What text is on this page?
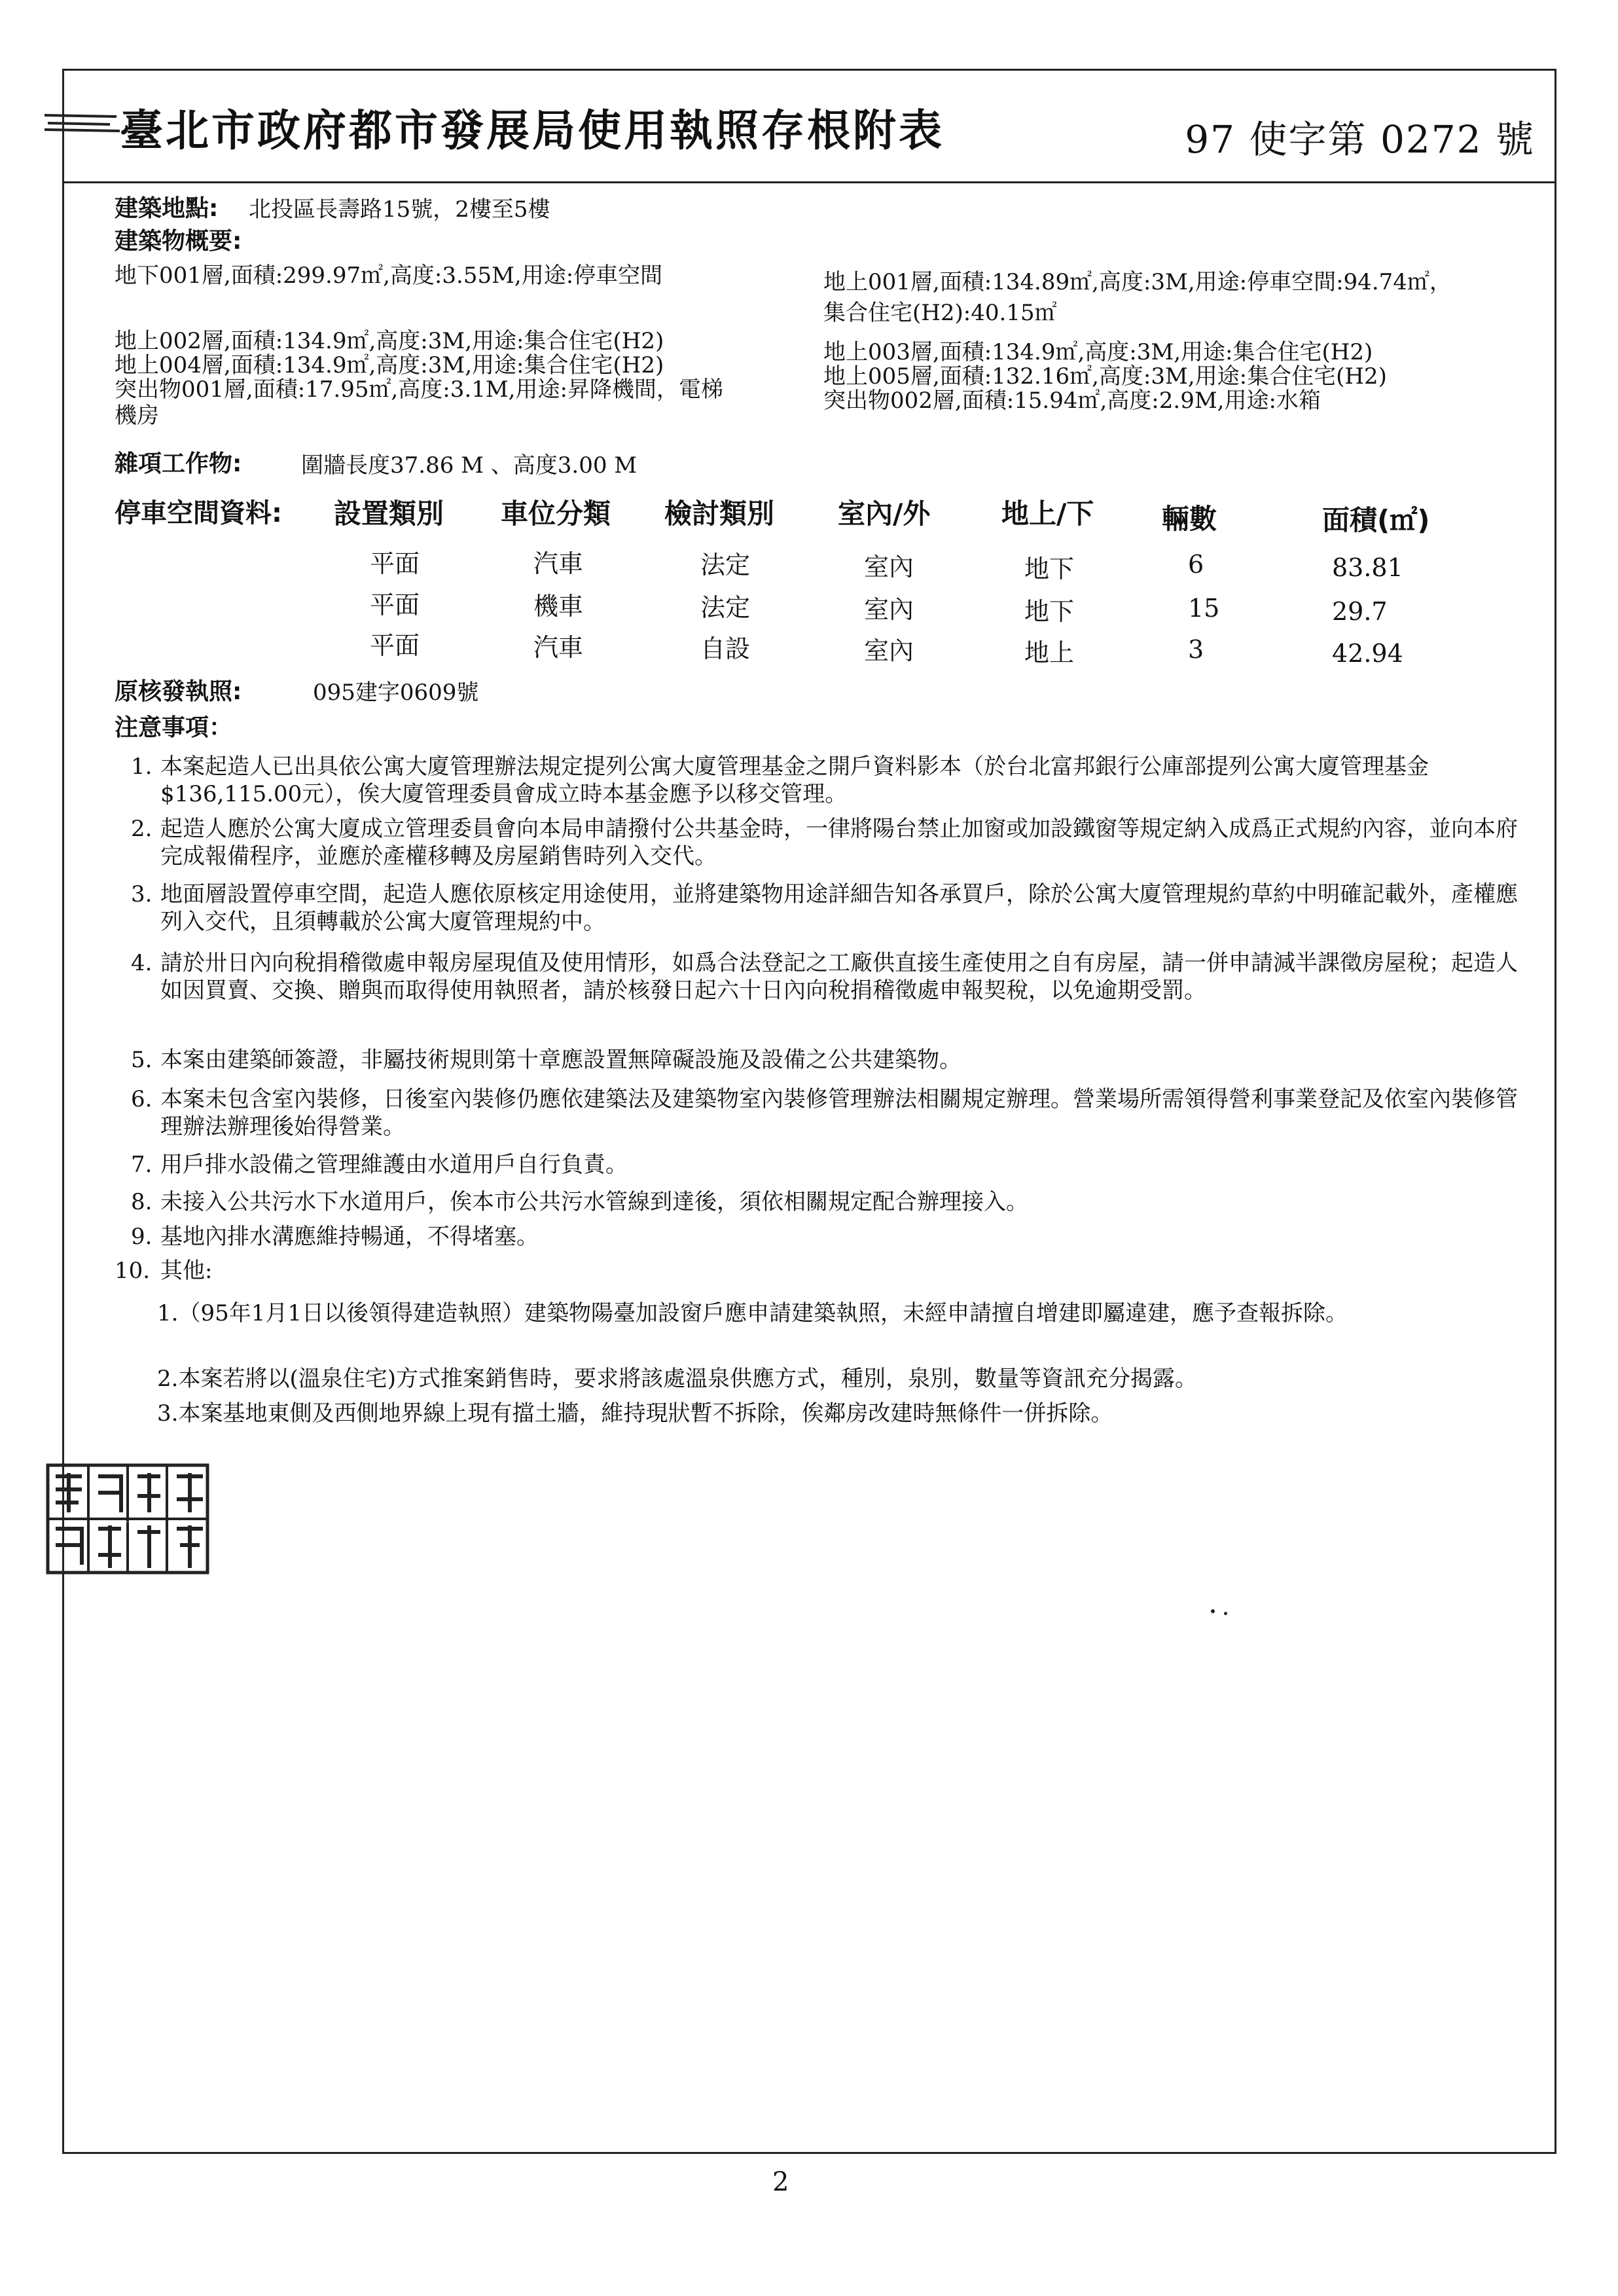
臺北市政府都市發展局使用執照存根附表	97 使字第 0272 號
建築地點: 北投區長壽路15號，2樓至5樓
建築物概要:
地下001層,面積:299.97㎡,高度:3.55M,用途:停車空間
地上002層,面積:134.9㎡,高度:3M,用途:集合住宅(H2)
地上004層,面積:134.9㎡,高度:3M,用途:集合住宅(H2)
突出物001層,面積:17.95㎡,高度:3.1M,用途:昇降機間，電梯
機房
地上001層,面積:134.89㎡,高度:3M,用途:停車空間:94.74㎡，
集合住宅(H2):40.15㎡
地上003層,面積:134.9㎡,高度:3M,用途:集合住宅(H2)
地上005層,面積:132.16㎡,高度:3M,用途:集合住宅(H2)
突出物002層,面積:15.94㎡,高度:2.9M,用途:水箱
雜項工作物:	圍牆長度37.86 M 、高度3.00 M
停車空間資料: 設置類別 車位分類 檢討類別 室內/外	地上/下 輛數	面積(㎡)
平面	汽車	法定	室內	地下	6	83.81
平面	機車	法定	室內	地下	15	29.7
平面	汽車	自設	室內	地上	3	42.94
原核發執照:	095建字0609號
注意事項：
1. 本案起造人已出具依公寓大廈管理辦法規定提列公寓大廈管理基金之開戶資料影本（於台北富邦銀行公庫部提列公寓大廈管理基金$136,115.00元），俟大廈管理委員會成立時本基金應予以移交管理。
2. 起造人應於公寓大廈成立管理委員會向本局申請撥付公共基金時，一律將陽台禁止加窗或加設鐵窗等規定納入成爲正式規約內容，並向本府完成報備程序，並應於產權移轉及房屋銷售時列入交代。
3. 地面層設置停車空間，起造人應依原核定用途使用，並將建築物用途詳細告知各承買戶，除於公寓大廈管理規約草約中明確記載外，產權應列入交代，且須轉載於公寓大廈管理規約中。
4. 請於卅日內向稅捐稽徵處申報房屋現值及使用情形，如爲合法登記之工廠供直接生產使用之自有房屋，請一併申請減半課徵房屋稅；起造人如因買賣、交換、贈與而取得使用執照者，請於核發日起六十日內向稅捐稽徵處申報契稅，以免逾期受罰。
5. 本案由建築師簽證，非屬技術規則第十章應設置無障礙設施及設備之公共建築物。
6. 本案未包含室內裝修，日後室內裝修仍應依建築法及建築物室內裝修管理辦法相關規定辦理。營業場所需領得營利事業登記及依室內裝修管理辦法辦理後始得營業。
7. 用戶排水設備之管理維護由水道用戶自行負責。
8. 未接入公共污水下水道用戶，俟本市公共污水管線到達後，須依相關規定配合辦理接入。
9. 基地內排水溝應維持暢通，不得堵塞。
10. 其他:
1.（95年1月1日以後領得建造執照）建築物陽臺加設窗戶應申請建築執照，未經申請擅自增建即屬違建，應予查報拆除。
2.本案若將以(溫泉住宅)方式推案銷售時，要求將該處溫泉供應方式，種別，泉別，數量等資訊充分揭露。
3.本案基地東側及西側地界線上現有擋土牆，維持現狀暫不拆除，俟鄰房改建時無條件一併拆除。
臺北市政府都市發展局
2
